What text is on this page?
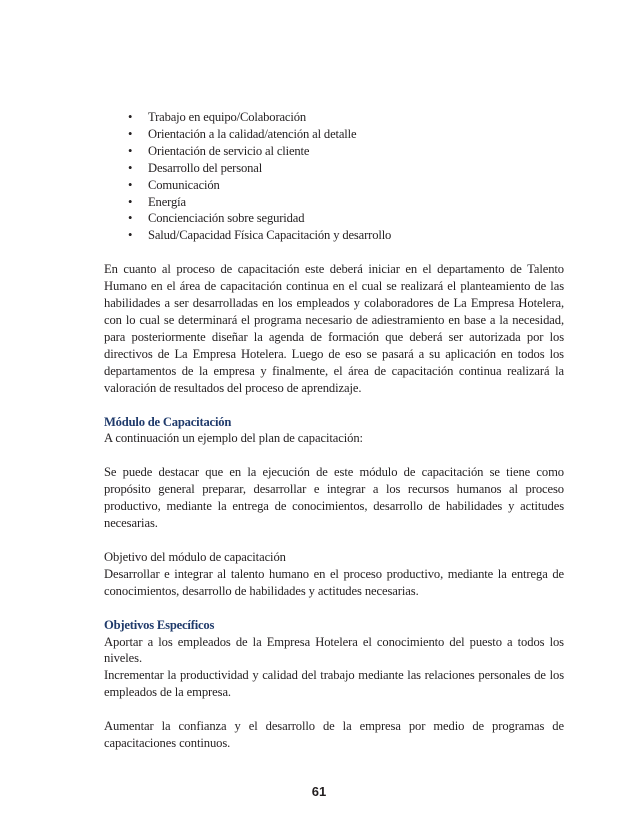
• Trabajo en equipo/Colaboración
• Orientación a la calidad/atención al detalle
• Orientación de servicio al cliente
• Desarrollo del personal
• Comunicación
• Energía
• Concienciación sobre seguridad
• Salud/Capacidad Física Capacitación y desarrollo

En cuanto al proceso de capacitación este deberá iniciar en el departamento de Talento Humano en el área de capacitación continua en el cual se realizará el planteamiento de las habilidades a ser desarrolladas en los empleados y colaboradores de La Empresa Hotelera, con lo cual se determinará el programa necesario de adiestramiento en base a la necesidad, para posteriormente diseñar la agenda de formación que deberá ser autorizada por los directivos de La Empresa Hotelera. Luego de eso se pasará a su aplicación en todos los departamentos de la empresa y finalmente, el área de capacitación continua realizará la valoración de resultados del proceso de aprendizaje.

Módulo de Capacitación

A continuación un ejemplo del plan de capacitación:

Se puede destacar que en la ejecución de este módulo de capacitación se tiene como propósito general preparar, desarrollar e integrar a los recursos humanos al proceso productivo, mediante la entrega de conocimientos, desarrollo de habilidades y actitudes necesarias.

Objetivo del módulo de capacitación

Desarrollar e integrar al talento humano en el proceso productivo, mediante la entrega de conocimientos, desarrollo de habilidades y actitudes necesarias.

Objetivos Específicos

Aportar a los empleados de la Empresa Hotelera el conocimiento del puesto a todos los niveles.

Incrementar la productividad y calidad del trabajo mediante las relaciones personales de los empleados de la empresa.

Aumentar la confianza y el desarrollo de la empresa por medio de programas de capacitaciones continuos.

61
